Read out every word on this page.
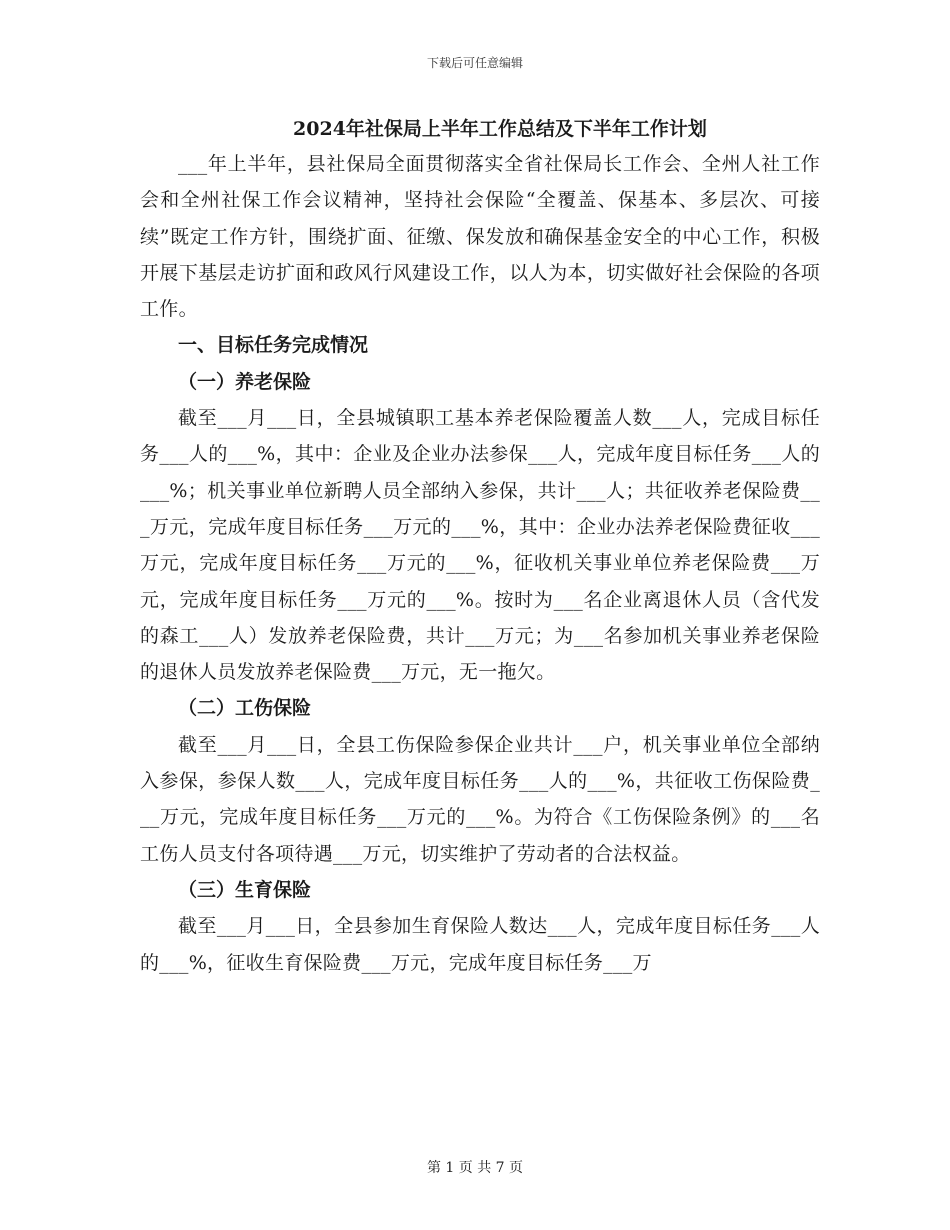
下载后可任意编辑
2024年社保局上半年工作总结及下半年工作计划

___年上半年，县社保局全面贯彻落实全省社保局长工作会、全州人社工作会和全州社保工作会议精神，坚持社会保险“全覆盖、保基本、多层次、可接续”既定工作方针，围绕扩面、征缴、保发放和确保基金安全的中心工作，积极开展下基层走访扩面和政风行风建设工作，以人为本，切实做好社会保险的各项工作。

一、目标任务完成情况
（一）养老保险

截至___月___日，全县城镇职工基本养老保险覆盖人数___人，完成目标任务___人的___%，其中：企业及企业办法参保___人，完成年度目标任务___人的___%；机关事业单位新聘人员全部纳入参保，共计___人；共征收养老保险费___万元，完成年度目标任务___万元的___%，其中：企业办法养老保险费征收___万元，完成年度目标任务___万元的___%，征收机关事业单位养老保险费___万元，完成年度目标任务___万元的___%。按时为___名企业离退休人员（含代发的森工___人）发放养老保险费，共计___万元；为___名参加机关事业养老保险的退休人员发放养老保险费___万元，无一拖欠。

（二）工伤保险

截至___月___日，全县工伤保险参保企业共计___户，机关事业单位全部纳入参保，参保人数___人，完成年度目标任务___人的___%，共征收工伤保险费___万元，完成年度目标任务___万元的___%。为符合《工伤保险条例》的___名工伤人员支付各项待遇___万元，切实维护了劳动者的合法权益。

（三）生育保险

截至___月___日，全县参加生育保险人数达___人，完成年度目标任务___人的___%，征收生育保险费___万元，完成年度目标任务___万

第 1 页 共 7 页
